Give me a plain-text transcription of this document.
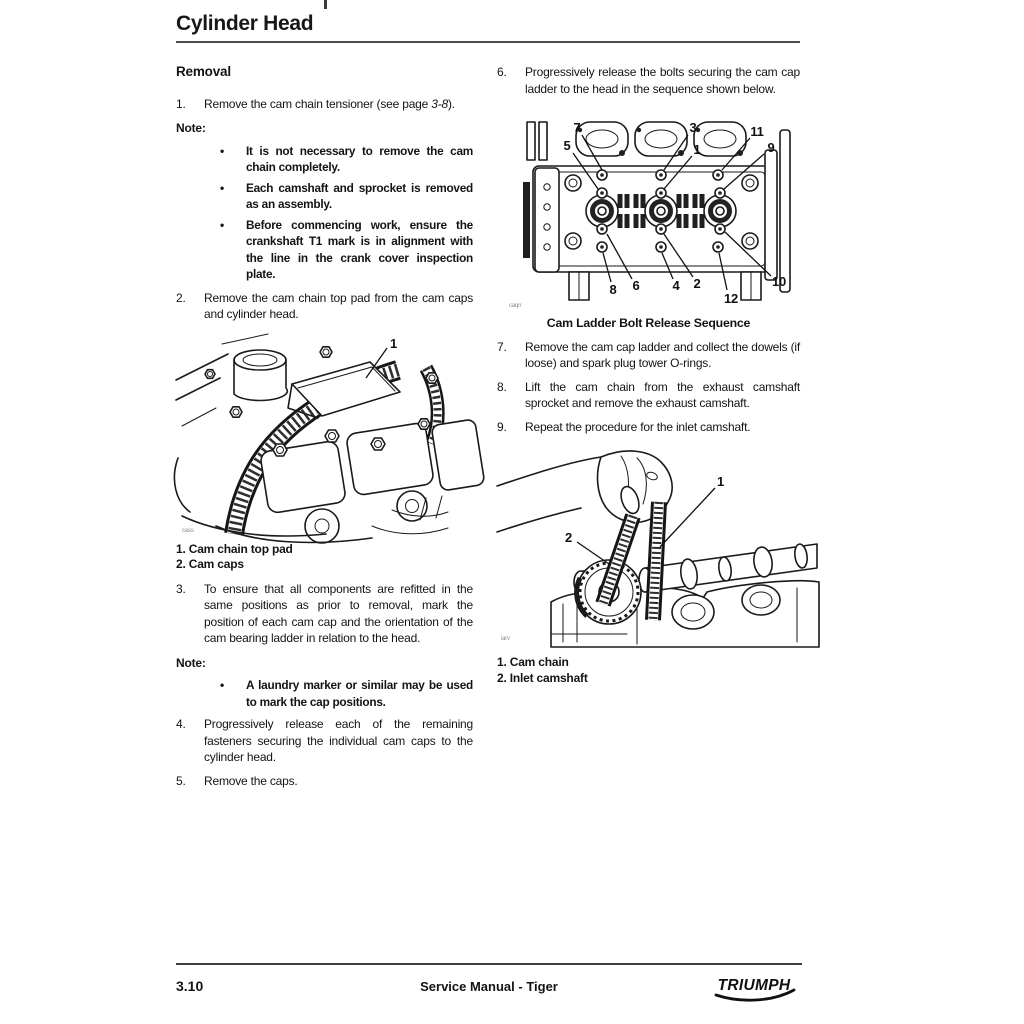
Cylinder Head
Removal
1.	Remove the cam chain tensioner (see page 3-8).

Note:
•	It is not necessary to remove the cam chain completely.

•	Each camshaft and sprocket is removed as an assembly.

•	Before commencing work, ensure the crankshaft T1 mark is in alignment with the line in the crank cover inspection plate.

2.	Remove the cam chain top pad from the cam caps and cylinder head.

1
cass
1. Cam chain top pad
2. Cam caps
3.	To ensure that all components are refitted in the same positions as prior to removal, mark the position of each cam cap and the orientation of the cam bearing ladder in relation to the head.

Note:
•	A laundry marker or similar may be used to mark the cap positions.

4.	Progressively release each of the remaining fasteners securing the individual cam caps to the cylinder head.

5.	Remove the caps.

6.	Progressively release the bolts securing the cam cap ladder to the head in the sequence shown below.

7
5
3
1
11
9
8 6	4 2
12
10
caqn
Cam Ladder Bolt Release Sequence
7.	Remove the cam cap ladder and collect the dowels (if loose) and spark plug tower O-rings.

8.	Lift the cam chain from the exhaust camshaft sprocket and remove the exhaust camshaft.

9.	Repeat the procedure for the inlet camshaft.

1
2
iarv
1. Cam chain
2. Inlet camshaft
3.10	Service Manual - Tiger	TRIUMPH
